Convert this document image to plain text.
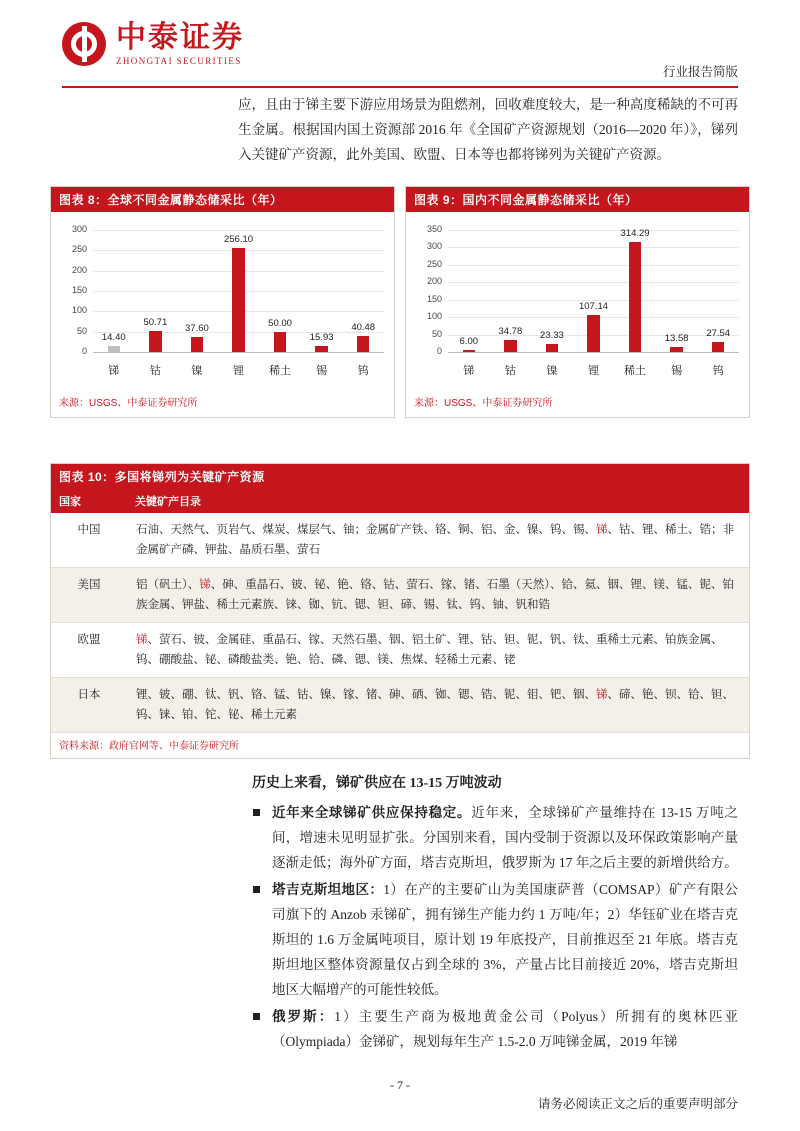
中泰证券
ZHONGTAI SECURITIES
行业报告简版
应，且由于锑主要下游应用场景为阻燃剂，回收难度较大，是一种高度稀缺的不可再生金属。根据国内国土资源部 2016 年《全国矿产资源规划（2016—2020 年）》，锑列入关键矿产资源，此外美国、欧盟、日本等也都将锑列为关键矿产资源。
图表 8：全球不同金属静态储采比（年）
0
50
100
150
200
250
300
14.40
锑
50.71
钴
37.60
镍
256.10
锂
50.00
稀土
15.93
锡
40.48
钨
来源：USGS、中泰证券研究所
图表 9：国内不同金属静态储采比（年）
0
50
100
150
200
250
300
350
6.00
锑
34.78
钴
23.33
镍
107.14
锂
314.29
稀土
13.58
锡
27.54
钨
来源：USGS、中泰证券研究所
图表 10：多国将锑列为关键矿产资源
国家	关键矿产目录
中国	石油、天然气、页岩气、煤炭、煤层气、铀；金属矿产铁、铬、铜、铝、金、镍、钨、锡、锑、钴、锂、稀土、锆；非金属矿产磷、钾盐、晶质石墨、萤石
美国	铝（矾土）、锑、砷、重晶石、铍、铋、铯、铬、钴、萤石、镓、锗、石墨（天然）、铪、氦、铟、锂、镁、锰、铌、铂族金属、钾盐、稀土元素族、铼、铷、钪、锶、钽、碲、锡、钛、钨、铀、钒和锆
欧盟	锑、萤石、铍、金属硅、重晶石、镓、天然石墨、铟、铝土矿、锂、钴、钽、铌、钒、钛、重稀土元素、铂族金属、钨、硼酸盐、铋、磷酸盐类、铯、铪、磷、锶、镁、焦煤、轻稀土元素、铑
日本	锂、铍、硼、钛、钒、铬、锰、钴、镍、镓、锗、砷、硒、铷、锶、锆、铌、钼、钯、铟、锑、碲、铯、钡、铪、钽、钨、铼、铂、铊、铋、稀土元素
资料来源：政府官网等、中泰证券研究所
历史上来看，锑矿供应在 13-15 万吨波动
近年来全球锑矿供应保持稳定。近年来，全球锑矿产量维持在 13-15 万吨之间，增速未见明显扩张。分国别来看，国内受制于资源以及环保政策影响产量逐渐走低；海外矿方面，塔吉克斯坦，俄罗斯为 17 年之后主要的新增供给方。
塔吉克斯坦地区：1）在产的主要矿山为美国康萨普（COMSAP）矿产有限公司旗下的 Anzob 汞锑矿，拥有锑生产能力约 1 万吨/年；2）华钰矿业在塔吉克斯坦的 1.6 万金属吨项目，原计划 19 年底投产，目前推迟至 21 年底。塔吉克斯坦地区整体资源量仅占到全球的 3%，产量占比目前接近 20%，塔吉克斯坦地区大幅增产的可能性较低。
俄罗斯：1）主要生产商为极地黄金公司（Polyus）所拥有的奥林匹亚（Olympiada）金锑矿，规划每年生产 1.5-2.0 万吨锑金属，2019 年锑
- 7 -
请务必阅读正文之后的重要声明部分
